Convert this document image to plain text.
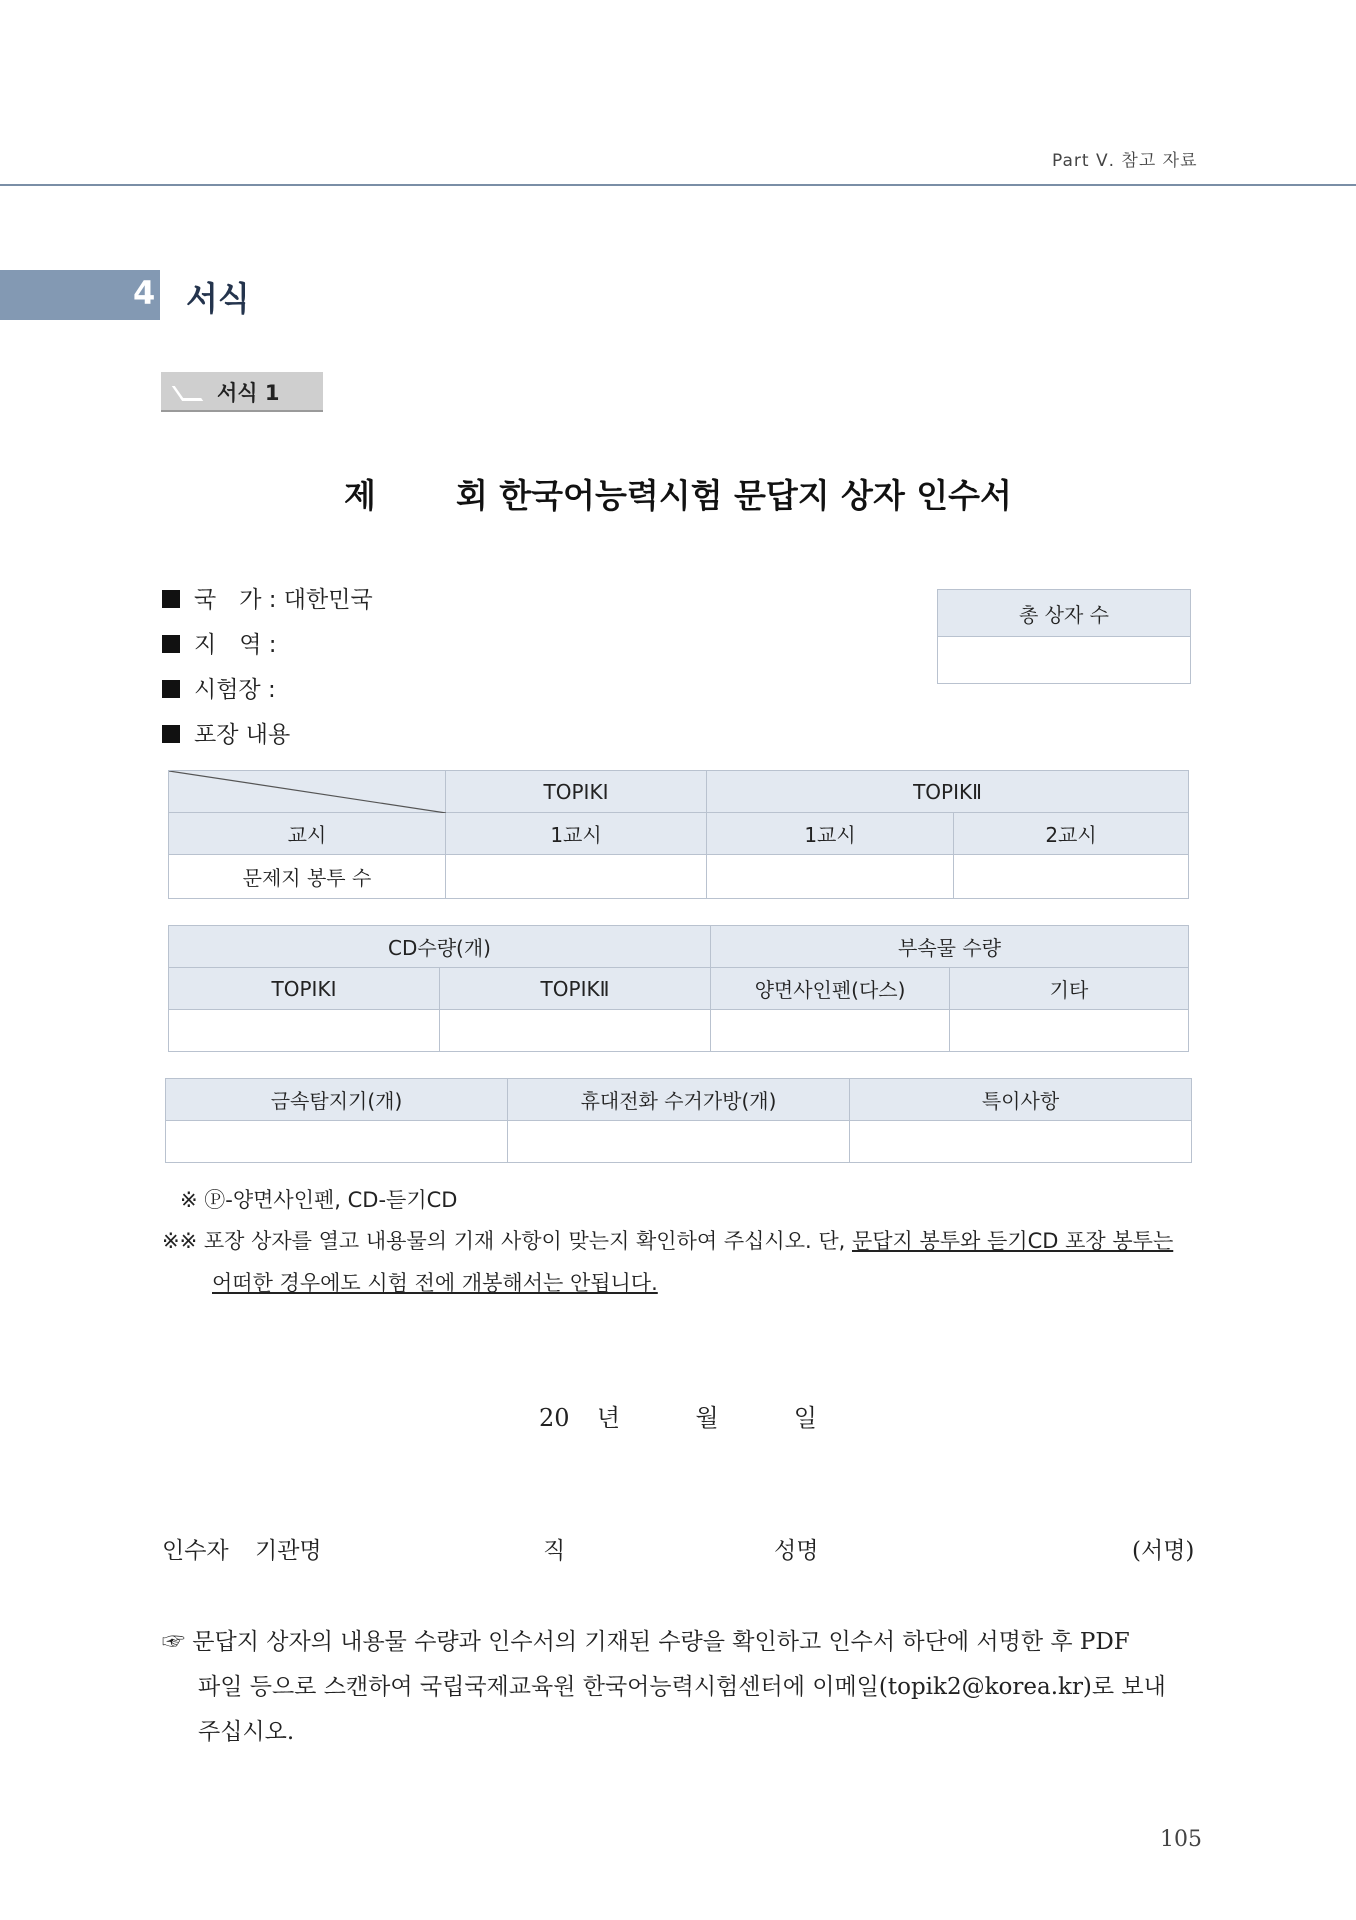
Part Ⅴ. 참고 자료
4 서식
서식 1
제 회 한국어능력시험 문답지 상자 인수서
국　가 : 대한민국
지　역 :
시험장 :
포장 내용
총 상자 수

	TOPIKⅠ	TOPIKⅡ	
교시	1교시	1교시	2교시
문제지 봉투 수			
CD수량(개)		부속물 수량	
TOPIKⅠ	TOPIKⅡ	양면사인펜(다스)	기타

금속탐지기(개)	휴대전화 수거가방(개)	특이사항

※ Ⓟ-양면사인펜, CD-듣기CD
※※ 포장 상자를 열고 내용물의 기재 사항이 맞는지 확인하여 주십시오. 단, 문답지 봉투와 듣기CD 포장 봉투는
어떠한 경우에도 시험 전에 개봉해서는 안됩니다.
20 년	월	일
인수자 기관명	직	성명	(서명)
☞ 문답지 상자의 내용물 수량과 인수서의 기재된 수량을 확인하고 인수서 하단에 서명한 후 PDF
파일 등으로 스캔하여 국립국제교육원 한국어능력시험센터에 이메일(topik2@korea.kr)로 보내
주십시오.
105
